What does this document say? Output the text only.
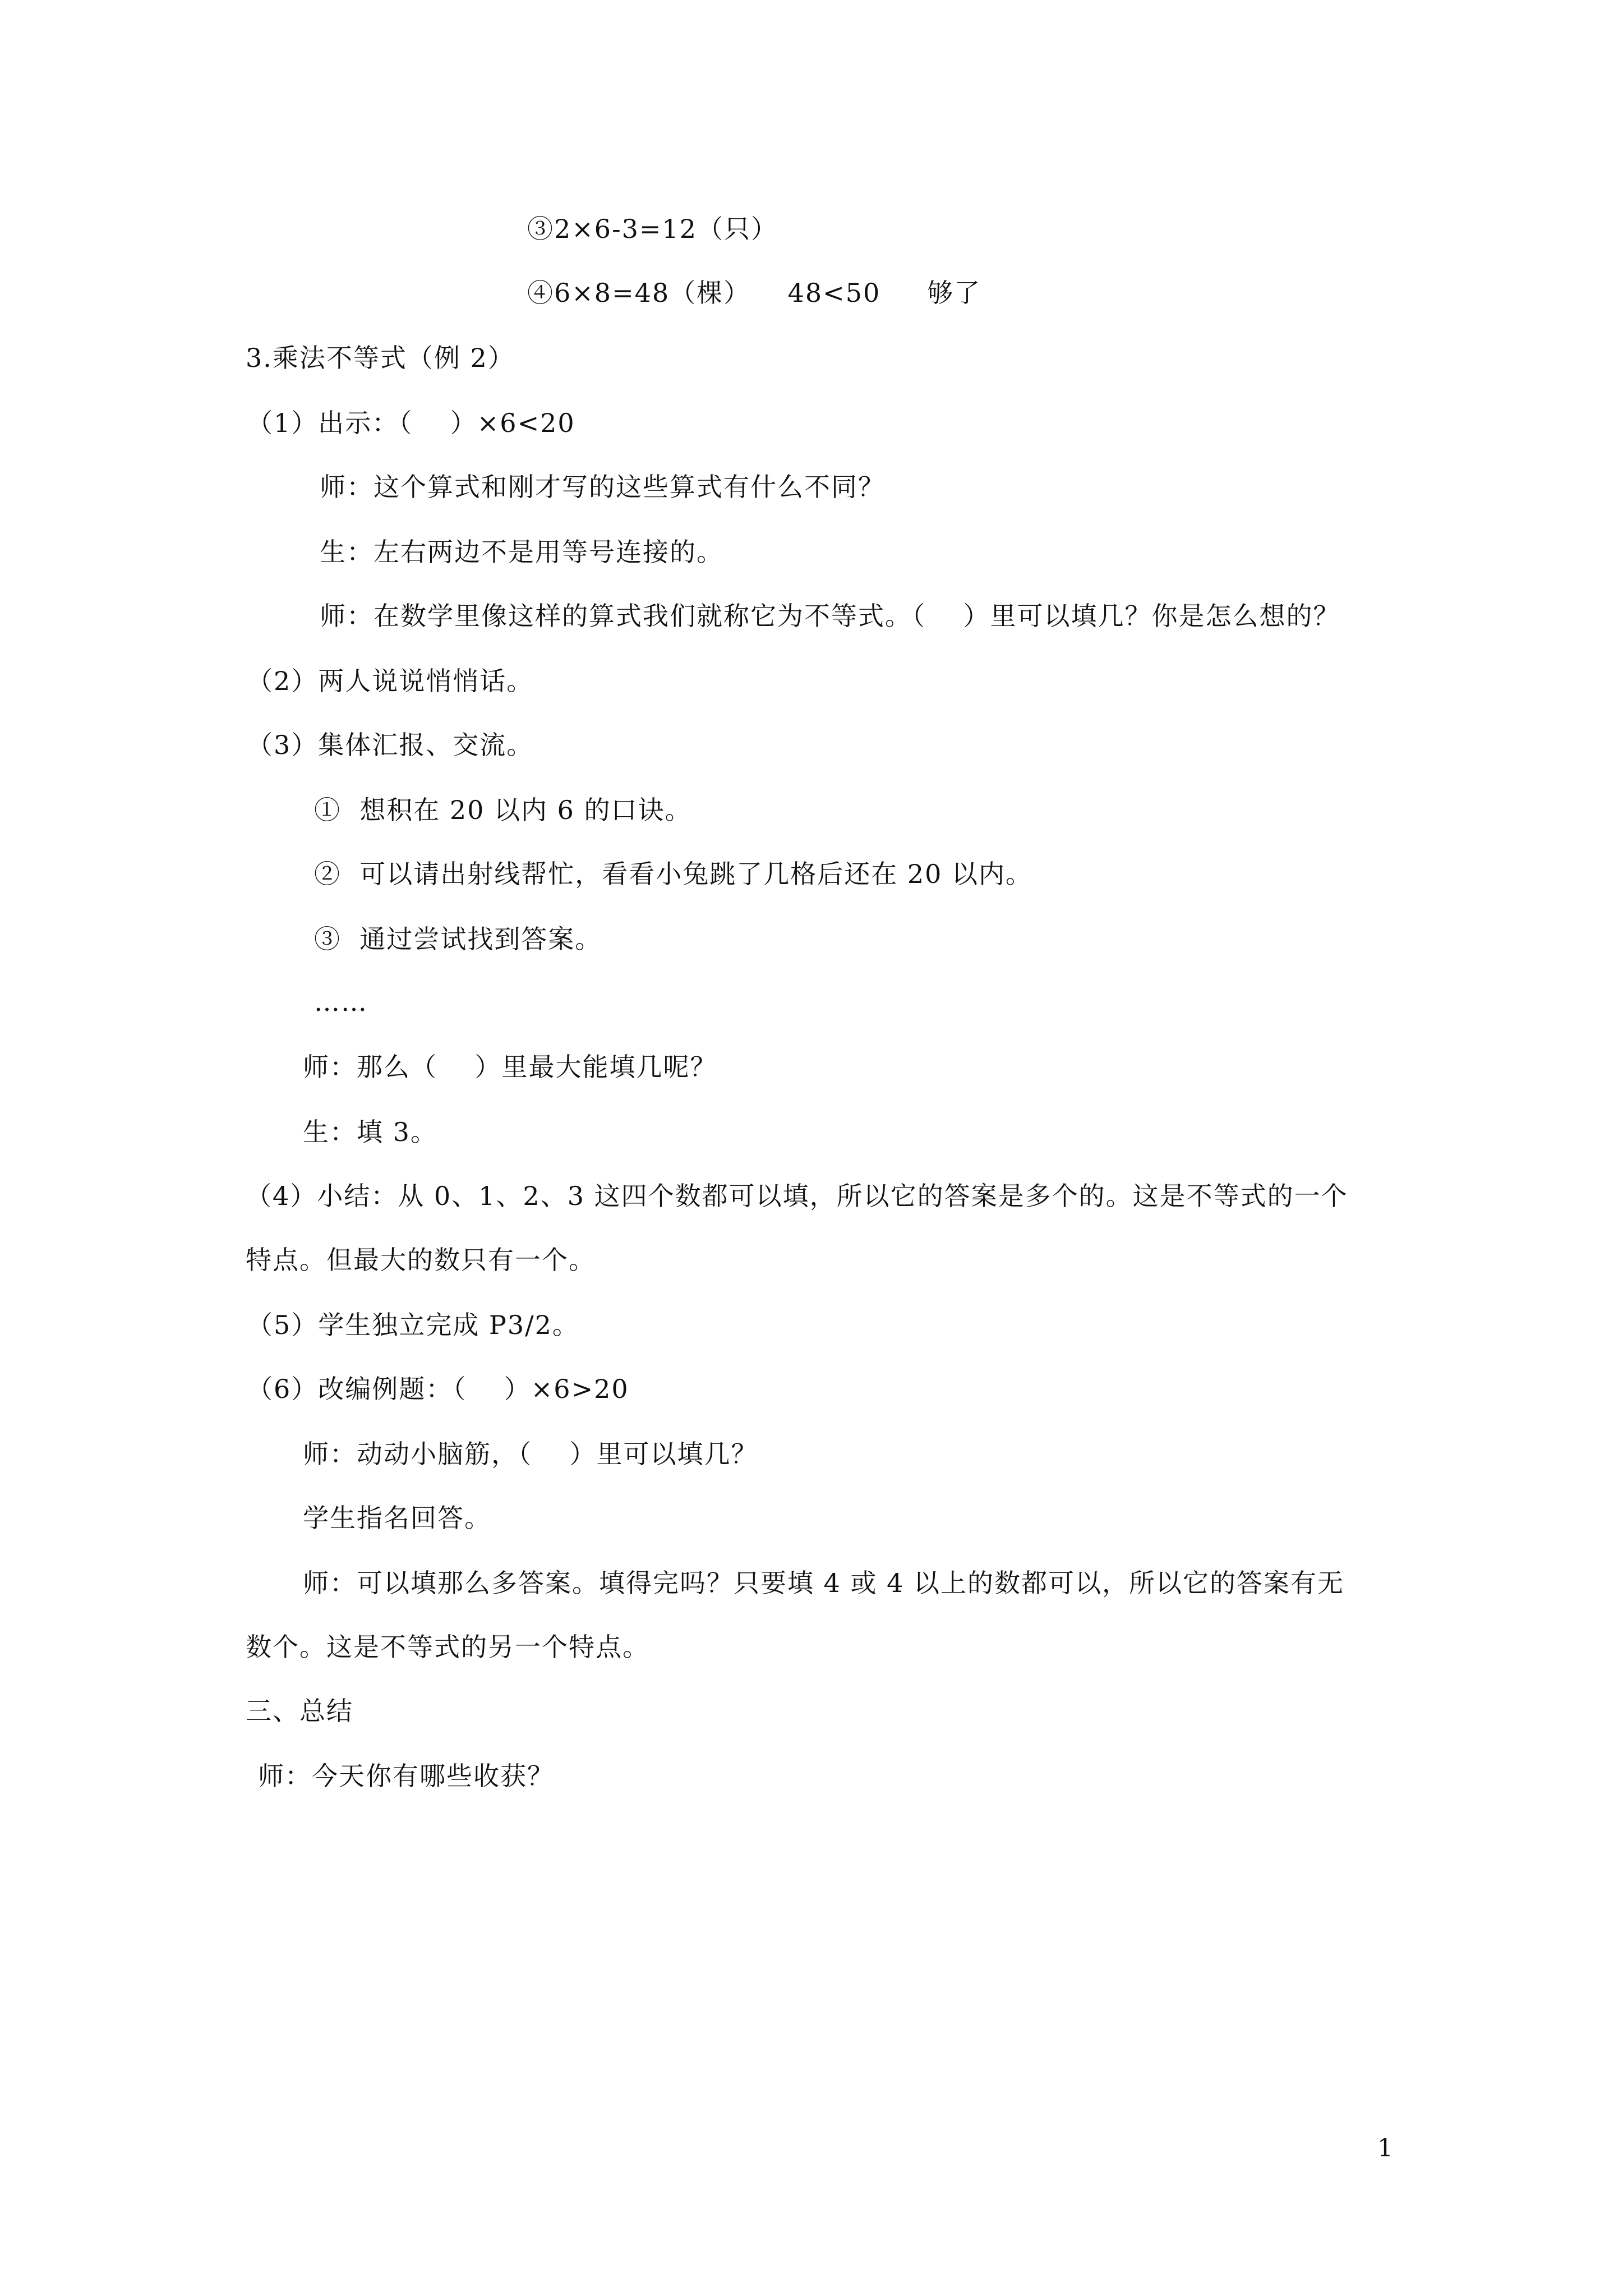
③2×6-3=12（只）
④6×8=48（棵）    48<50     够了
3.乘法不等式（例 2）
（1）出示：（    ）×6<20
师：这个算式和刚才写的这些算式有什么不同？
生：左右两边不是用等号连接的。
师：在数学里像这样的算式我们就称它为不等式。（    ）里可以填几？你是怎么想的？
（2）两人说说悄悄话。
（3）集体汇报、交流。
①  想积在 20 以内 6 的口诀。
②  可以请出射线帮忙，看看小兔跳了几格后还在 20 以内。
③  通过尝试找到答案。
……
师：那么（    ）里最大能填几呢？
生：填 3。
（4）小结：从 0、1、2、3 这四个数都可以填，所以它的答案是多个的。这是不等式的一个
特点。但最大的数只有一个。
（5）学生独立完成 P3/2。
（6）改编例题：（    ）×6>20
师：动动小脑筋，（    ）里可以填几？
学生指名回答。
师：可以填那么多答案。填得完吗？只要填 4 或 4 以上的数都可以，所以它的答案有无
数个。这是不等式的另一个特点。
三、总结
师：今天你有哪些收获？
1
